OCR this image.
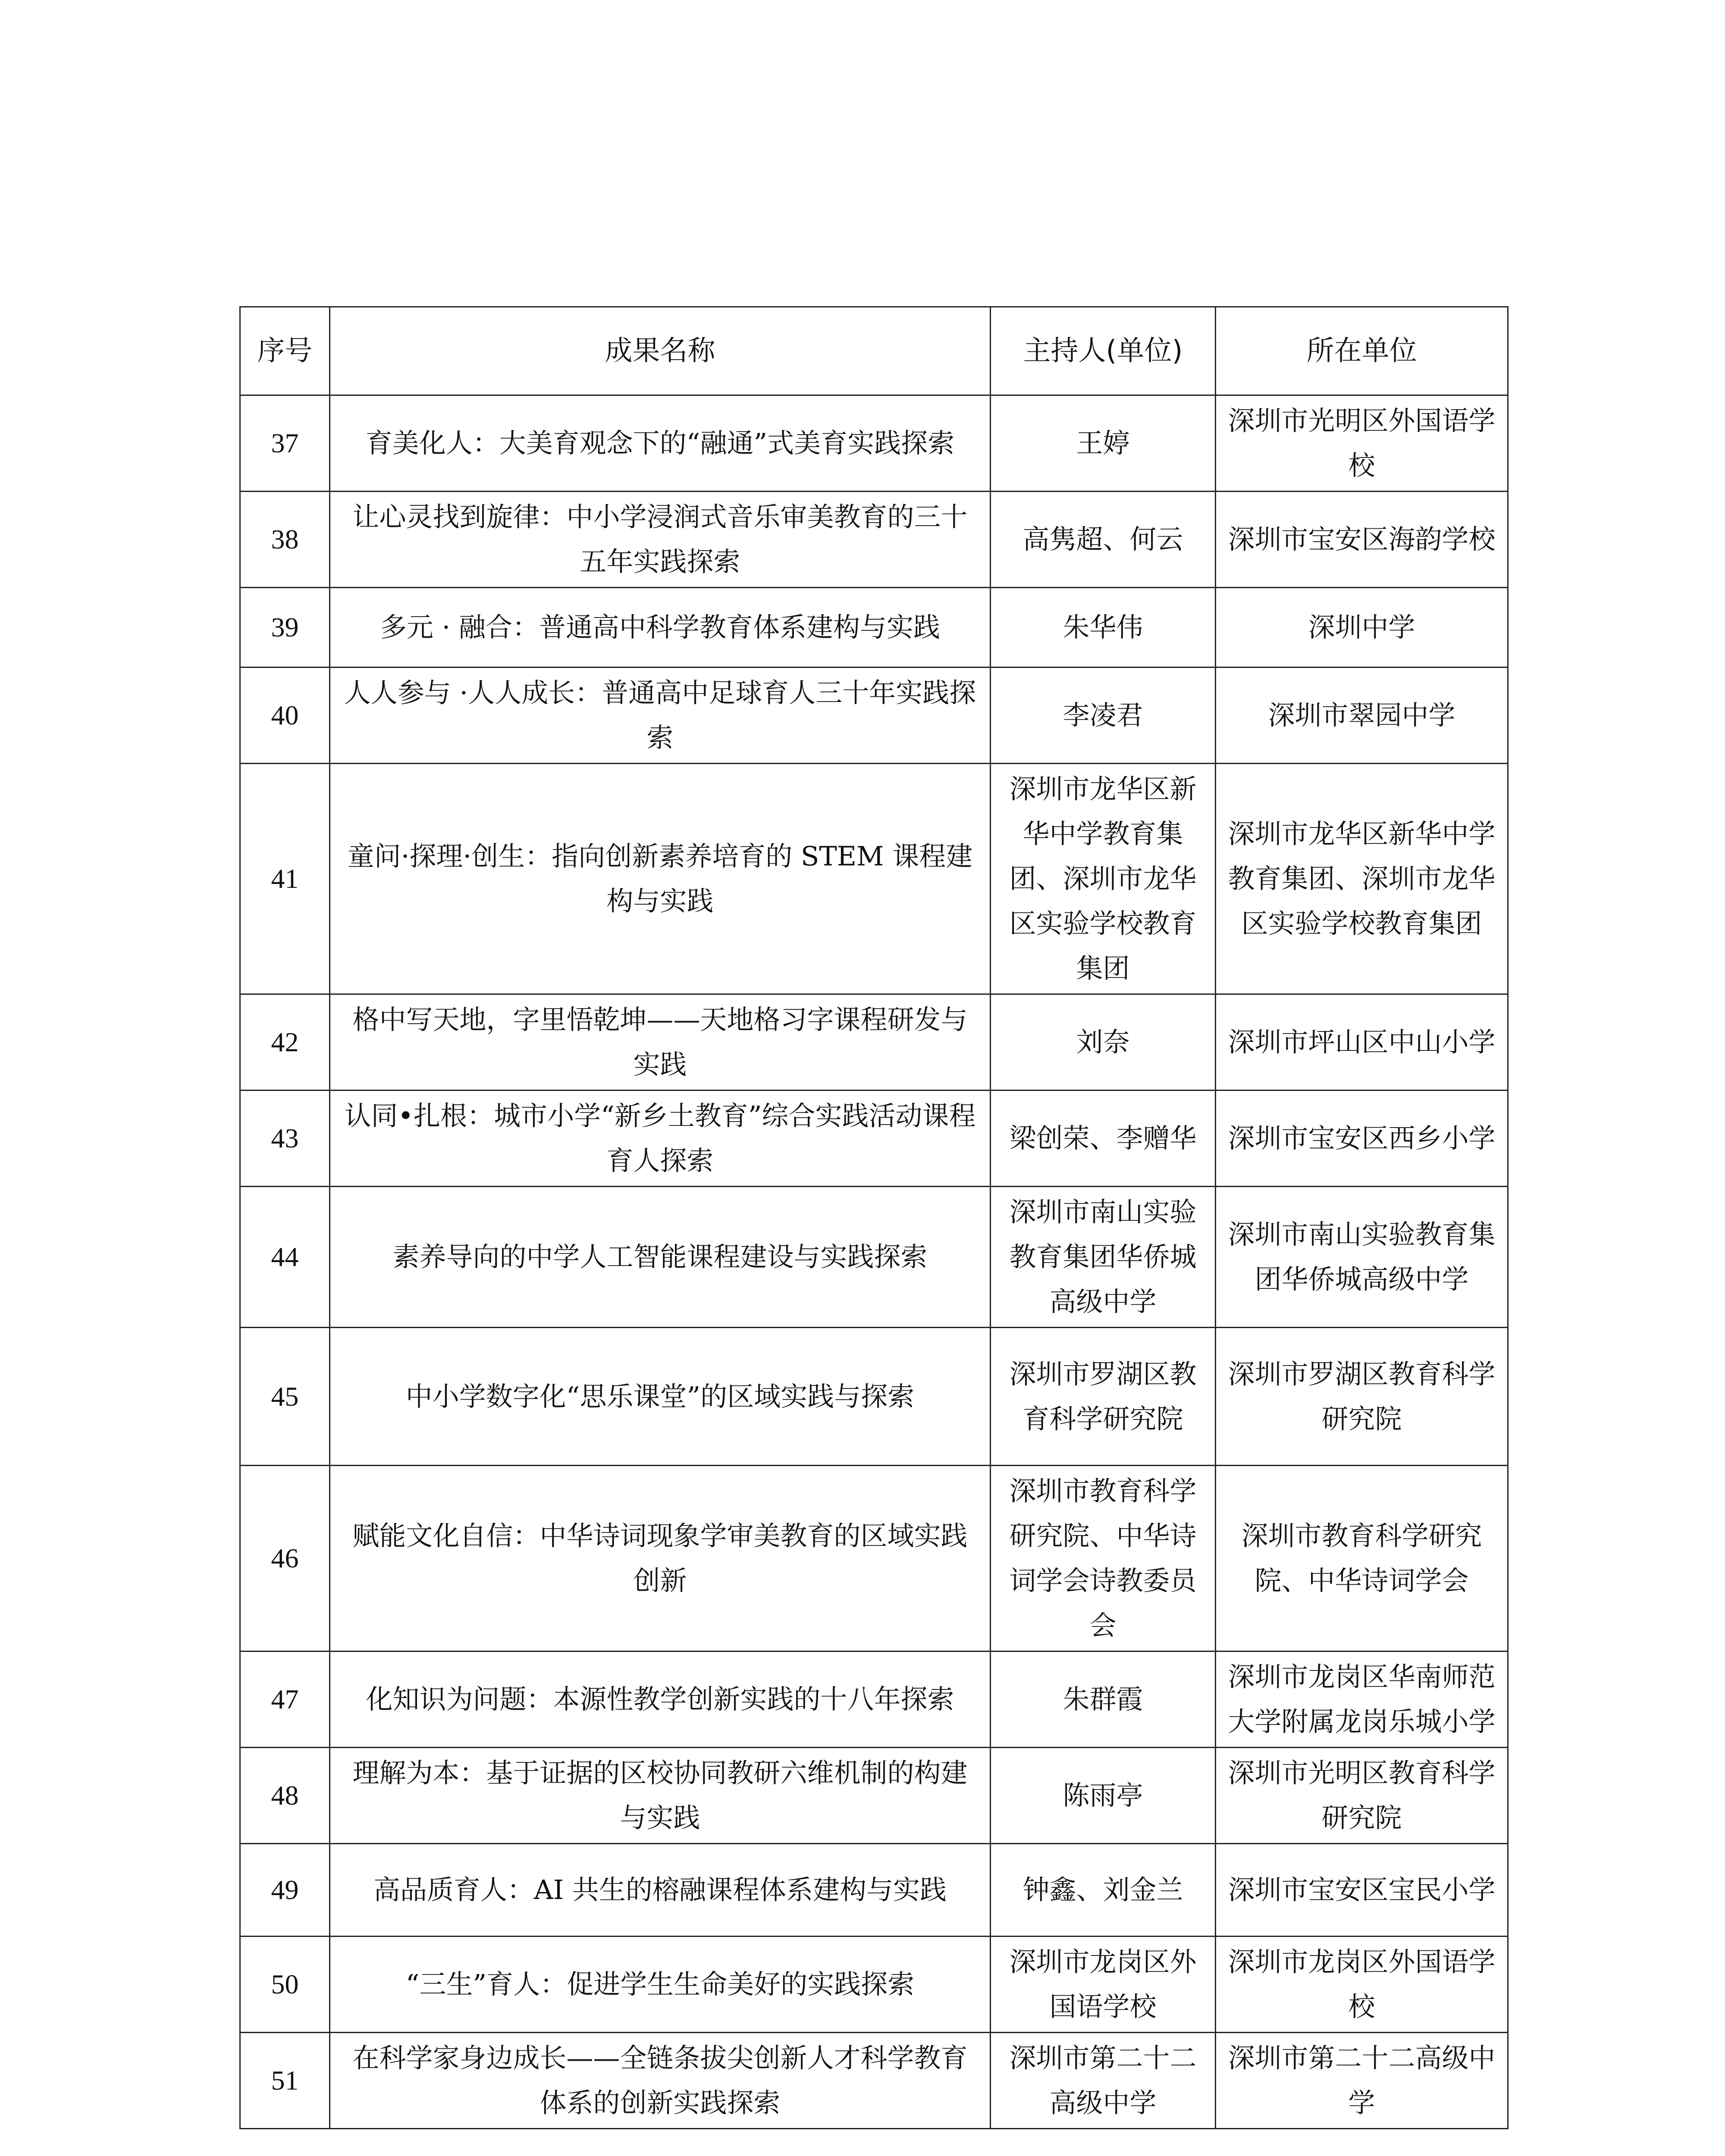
序号	成果名称	主持人(单位)	所在单位
37	育美化人：大美育观念下的“融通”式美育实践探索	王婷	深圳市光明区外国语学校
38	让心灵找到旋律：中小学浸润式音乐审美教育的三十五年实践探索	高隽超、何云	深圳市宝安区海韵学校
39	多元 · 融合：普通高中科学教育体系建构与实践	朱华伟	深圳中学
40	人人参与 ·人人成长：普通高中足球育人三十年实践探索	李凌君	深圳市翠园中学
41	童问·探理·创生：指向创新素养培育的 STEM 课程建构与实践	深圳市龙华区新华中学教育集团、深圳市龙华区实验学校教育集团	深圳市龙华区新华中学教育集团、深圳市龙华区实验学校教育集团
42	格中写天地，字里悟乾坤——天地格习字课程研发与实践	刘奈	深圳市坪山区中山小学
43	认同•扎根：城市小学“新乡土教育”综合实践活动课程育人探索	梁创荣、李赠华	深圳市宝安区西乡小学
44	素养导向的中学人工智能课程建设与实践探索	深圳市南山实验教育集团华侨城高级中学	深圳市南山实验教育集团华侨城高级中学
45	中小学数字化“思乐课堂”的区域实践与探索	深圳市罗湖区教育科学研究院	深圳市罗湖区教育科学研究院
46	赋能文化自信：中华诗词现象学审美教育的区域实践创新	深圳市教育科学研究院、中华诗词学会诗教委员会	深圳市教育科学研究院、中华诗词学会
47	化知识为问题：本源性教学创新实践的十八年探索	朱群霞	深圳市龙岗区华南师范大学附属龙岗乐城小学
48	理解为本：基于证据的区校协同教研六维机制的构建与实践	陈雨亭	深圳市光明区教育科学研究院
49	高品质育人：AI 共生的榕融课程体系建构与实践	钟鑫、刘金兰	深圳市宝安区宝民小学
50	“三生”育人：促进学生生命美好的实践探索	深圳市龙岗区外国语学校	深圳市龙岗区外国语学校
51	在科学家身边成长——全链条拔尖创新人才科学教育体系的创新实践探索	深圳市第二十二高级中学	深圳市第二十二高级中学
